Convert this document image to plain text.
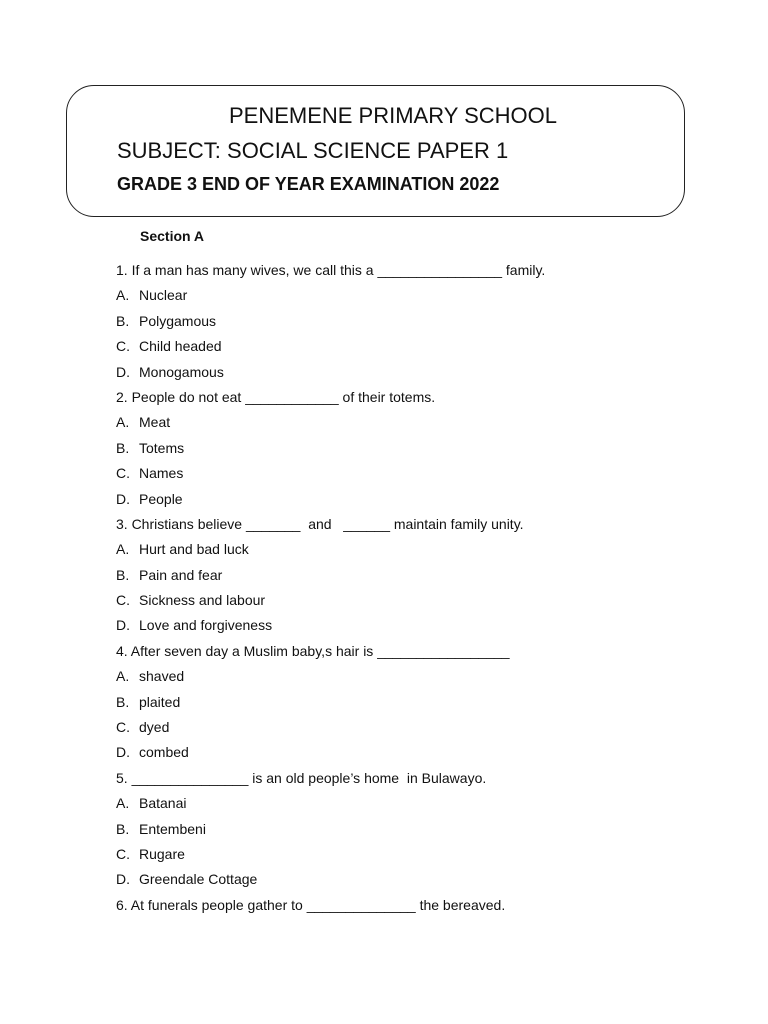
PENEMENE PRIMARY SCHOOL
SUBJECT: SOCIAL SCIENCE PAPER 1
GRADE 3 END OF YEAR EXAMINATION 2022
Section A
1. If a man has many wives, we call this a ________________ family.
A. Nuclear
B. Polygamous
C. Child headed
D. Monogamous
2. People do not eat ____________ of their totems.
A. Meat
B. Totems
C. Names
D. People
3. Christians believe _______  and   ______ maintain family unity.
A. Hurt and bad luck
B. Pain and fear
C. Sickness and labour
D. Love and forgiveness
4. After seven day a Muslim baby,s hair is _________________
A. shaved
B. plaited
C. dyed
D. combed
5. _______________ is an old people’s home  in Bulawayo.
A. Batanai
B. Entembeni
C. Rugare
D. Greendale Cottage
6. At funerals people gather to ______________ the bereaved.
